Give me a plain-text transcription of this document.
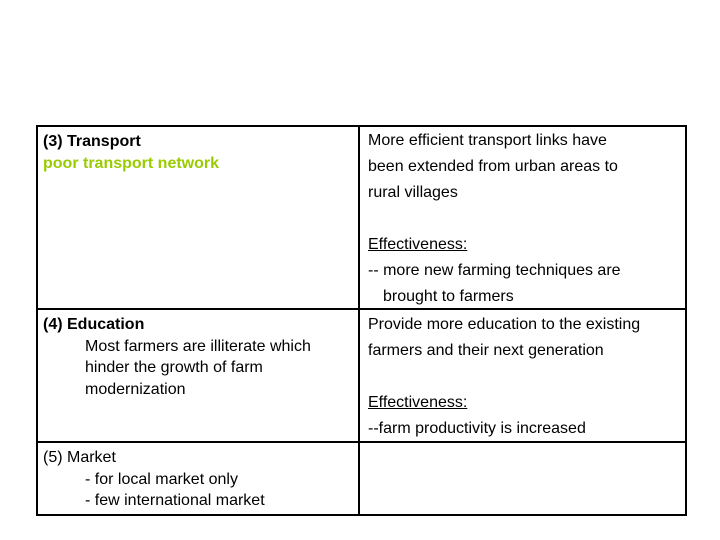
(3) Transport
poor transport network
More efficient transport links have
been extended from urban areas to
rural villages
Effectiveness:
-- more new farming techniques are
brought to farmers
(4) Education
Most farmers are illiterate which
hinder the growth of farm
modernization
Provide more education to the existing
farmers and their next generation
Effectiveness:
--farm productivity is increased
(5) Market
- for local market only
- few international market
